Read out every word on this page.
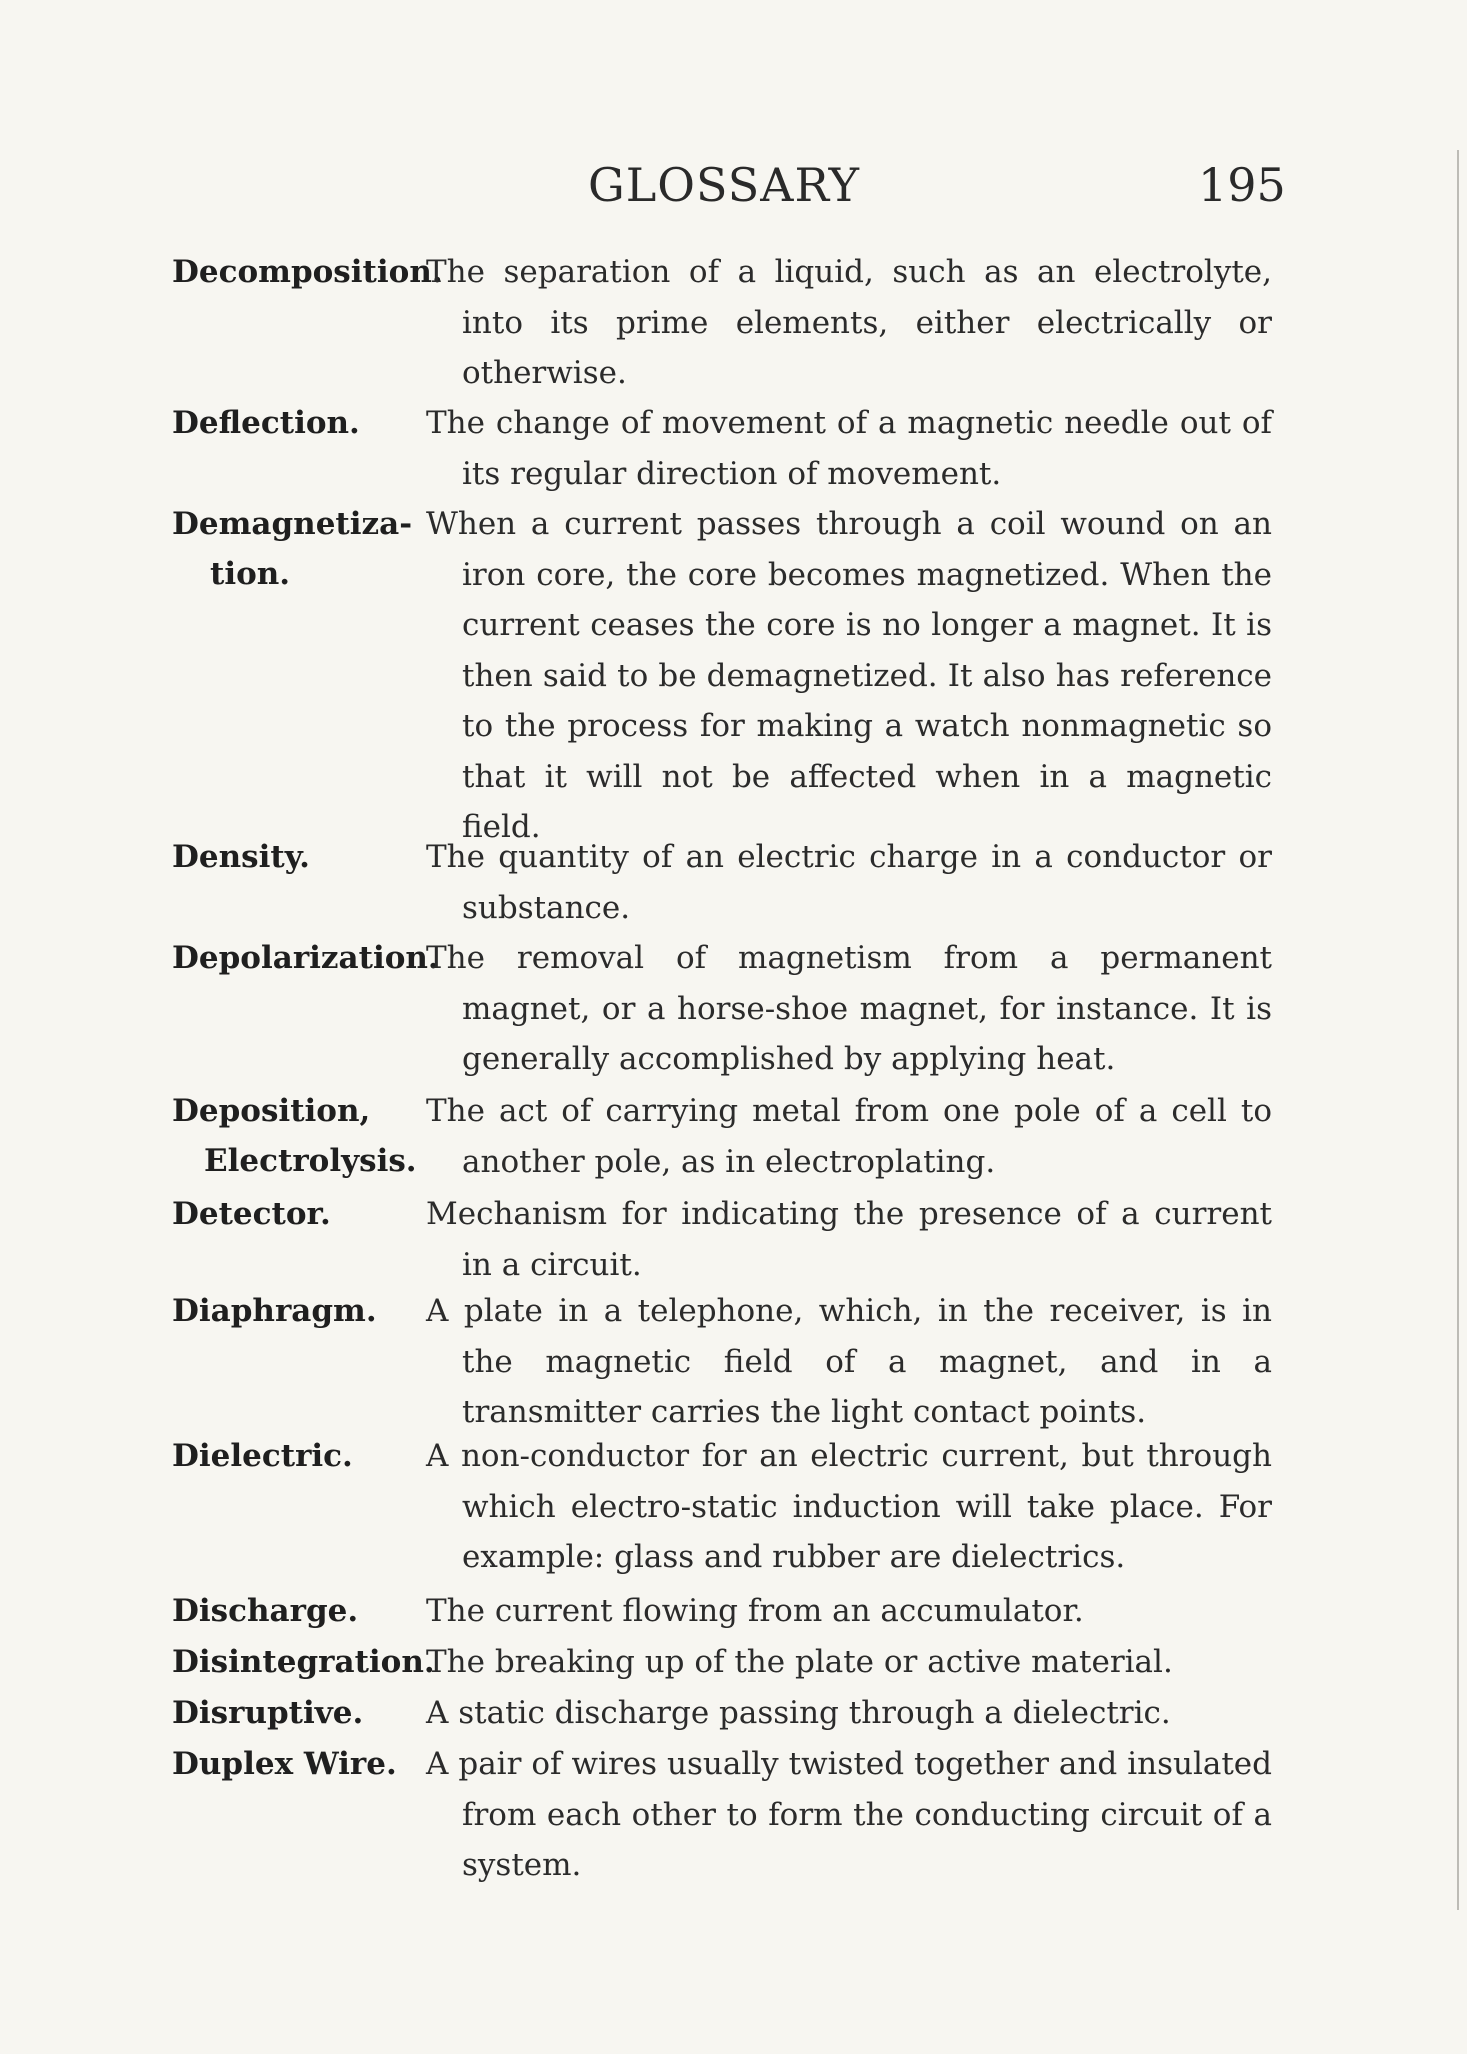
GLOSSARY	195
Decomposition.
The separation of a liquid, such as an electrolyte, into its prime elements, either electrically or otherwise.
Deflection. The change of movement of a magnetic needle out of its regular direction of movement.
Demagnetiza-
tion.
When a current passes through a coil wound on an iron core, the core becomes magnetized. When the current ceases the core is no longer a magnet. It is then said to be demagnetized. It also has reference to the process for making a watch nonmagnetic so that it will not be affected when in a magnetic field.
Density.	The quantity of an electric charge in a conductor or substance.
Depolarization.
The removal of magnetism from a permanent magnet, or a horse-shoe magnet, for instance. It is generally accomplished by applying heat.
Deposition,
Electrolysis.
The act of carrying metal from one pole of a cell to another pole, as in electroplating.
Detector.	Mechanism for indicating the presence of a current in a circuit.
Diaphragm. A plate in a telephone, which, in the receiver, is in the magnetic field of a magnet, and in a transmitter carries the light contact points.
Dielectric. A non-conductor for an electric current, but through which electro-static induction will take place. For example: glass and rubber are dielectrics.
Discharge. The current flowing from an accumulator.
Disintegration.
The breaking up of the plate or active material.
Disruptive. A static discharge passing through a dielectric.
Duplex Wire. A pair of wires usually twisted together and insulated from each other to form the conducting circuit of a system.
